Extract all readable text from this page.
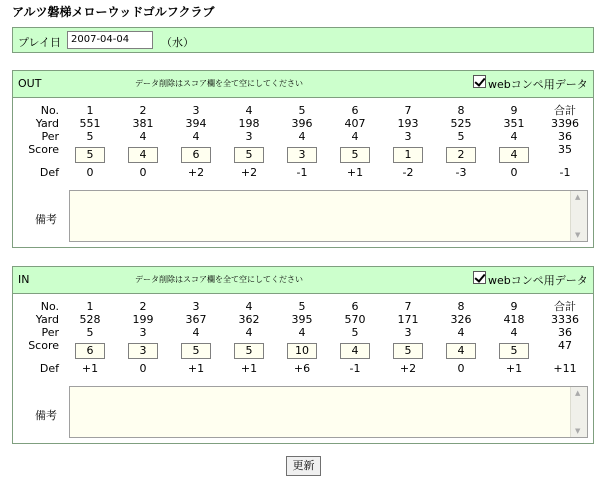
アルツ磐梯メローウッドゴルフクラブ
プレイ日 2007-04-04	（水）
OUT	データ削除はスコア欄を全て空にしてください	webコンペ用データ
No.	1	2	3	4	5	6	7	8	9	合計
Yard	551	381	394	198	396	407	193	525	351	3396
Per	5	4	4	3	4	4	3	5	4	36
Score	5	4	6	5	3	5	1	2	4	35
Def	0	0	+2	+2	-1	+1	-2	-3	0	-1
備考
▲
▼
IN	データ削除はスコア欄を全て空にしてください	webコンペ用データ
No.	1	2	3	4	5	6	7	8	9	合計
Yard	528	199	367	362	395	570	171	326	418	3336
Per	5	3	4	4	4	5	3	4	4	36
Score	6	3	5	5	10	4	5	4	5	47
Def	+1	0	+1	+1	+6	-1	+2	0	+1	+11
備考
▲
▼
更新
